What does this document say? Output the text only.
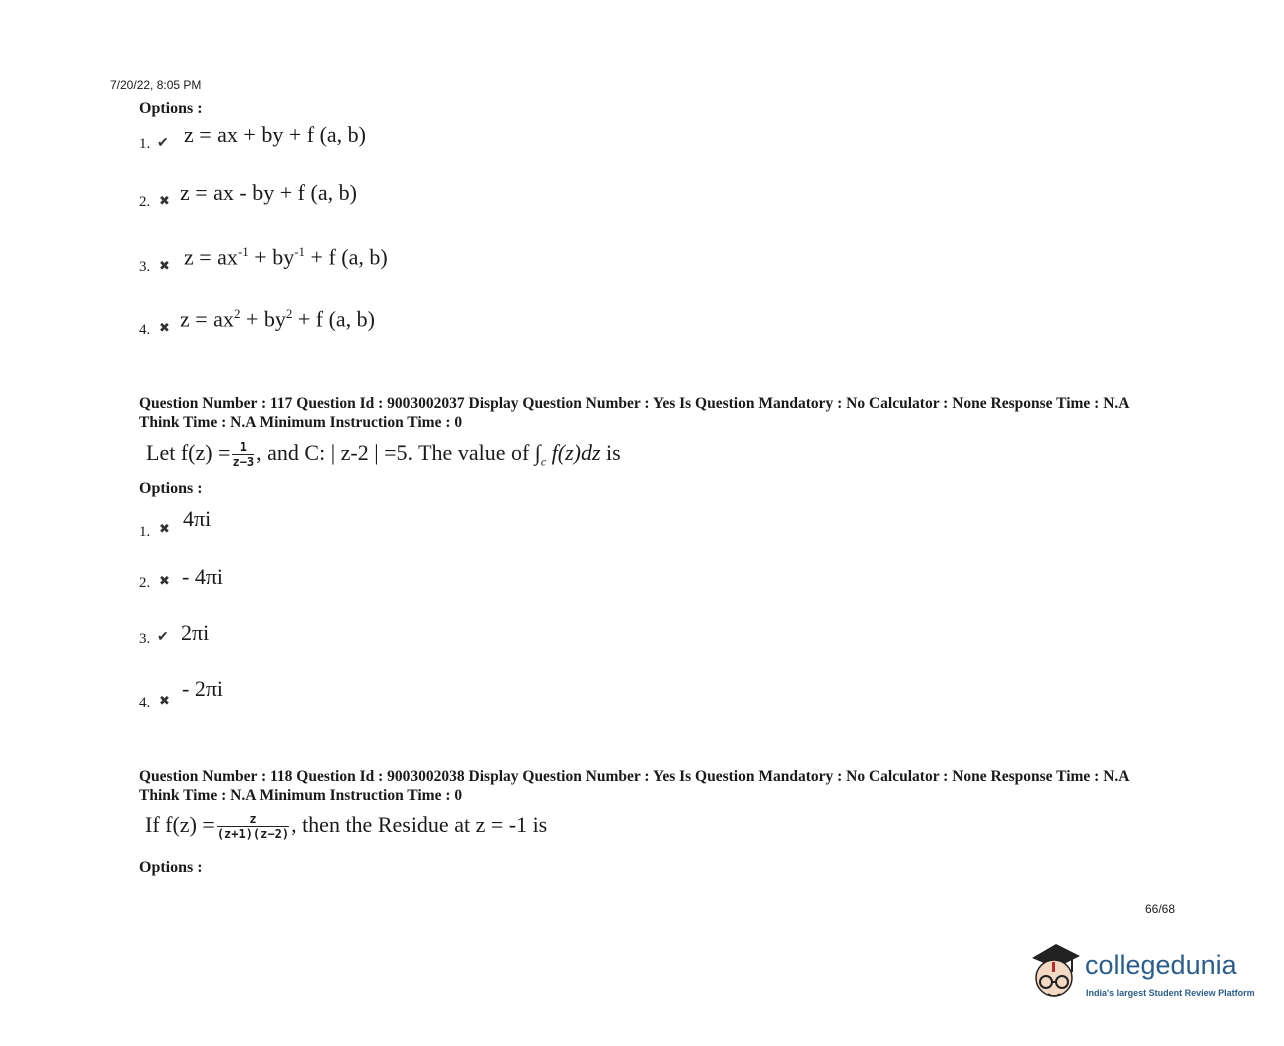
7/20/22, 8:05 PM
Options :
1. ✔ z = ax + by + f (a, b)
2. ✖ z = ax - by + f (a, b)
3. ✖ $z = ax^{-1} + by^{-1} + f$ (a, b)
4. ✖ $z = ax^2 + by^2 + f$ (a, b)
Question Number : 117 Question Id : 9003002037 Display Question Number : Yes Is Question Mandatory : No Calculator : None Response Time : N.A Think Time : N.A Minimum Instruction Time : 0
Let $f(z) = \frac{1}{z-3}$ , and C: | z-2 | =5. The value of $\int_c$ f(z)dz is
Options :
1. ✖ 4πi
2. ✖ - 4πi
3. ✔ 2πi
4. ✖ - 2πi
Question Number : 118 Question Id : 9003002038 Display Question Number : Yes Is Question Mandatory : No Calculator : None Response Time : N.A Think Time : N.A Minimum Instruction Time : 0
If $f(z) = \frac{z}{(z+1)(z-2)}$ , then the Residue at z = -1 is
Options :
66/68
collegedunia
India's largest Student Review Platform
